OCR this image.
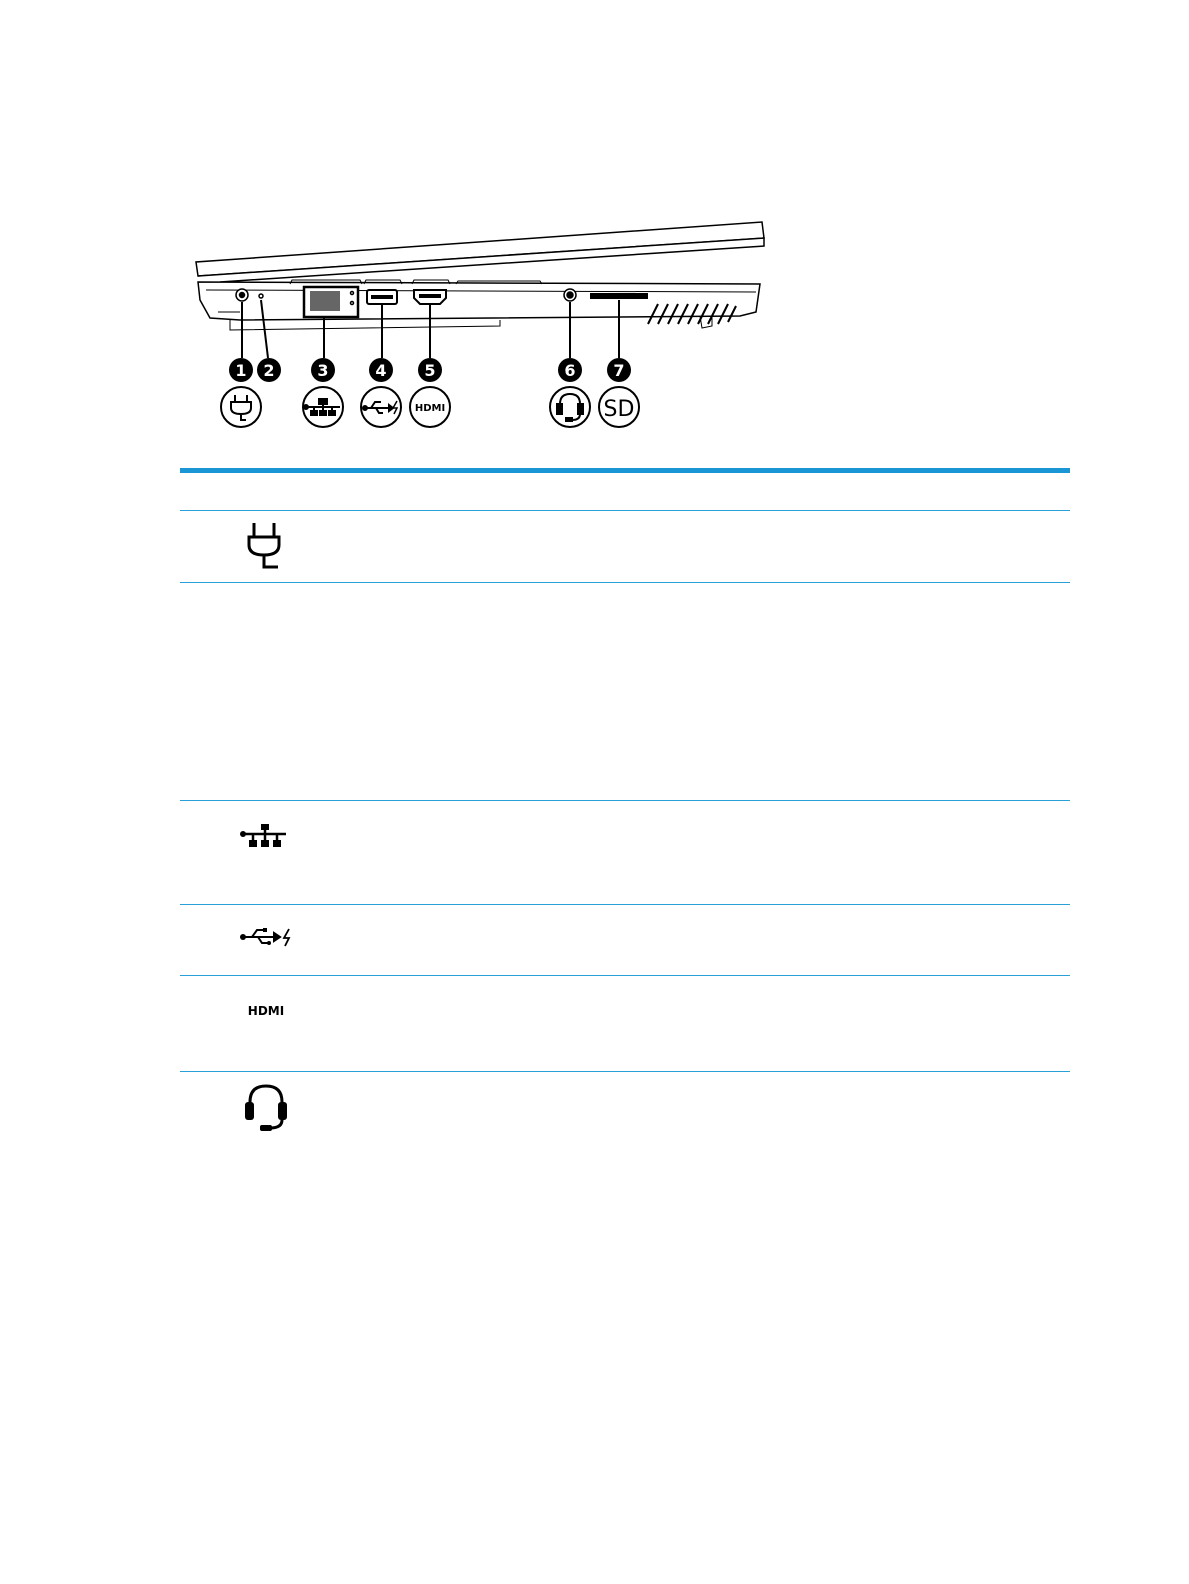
1 2	3	4 5	6 7
HDMI	SD
HDMI
